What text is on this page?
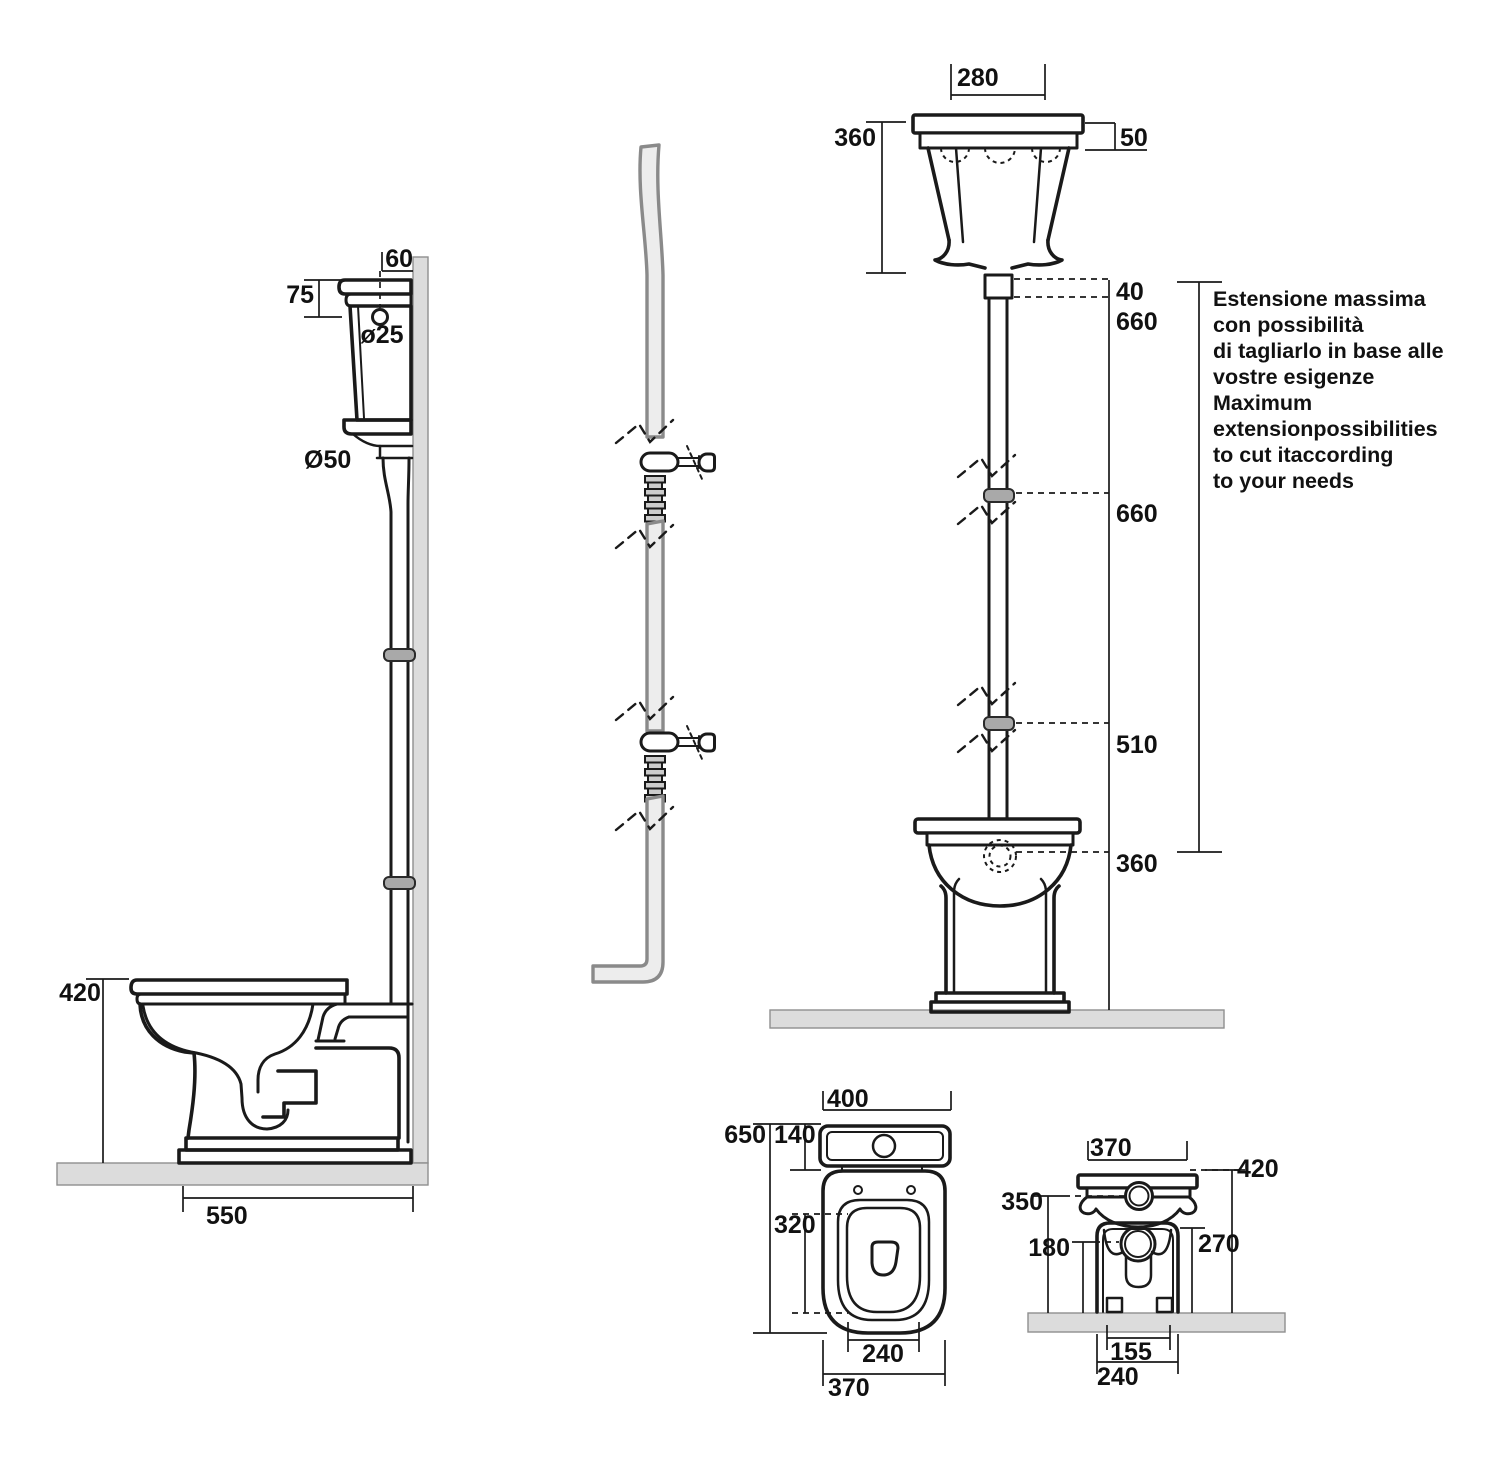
60
75
ø25
Ø50
420
550
280
360	50
40
660
660
510
360
Estensione massima
con possibilità
di tagliarlo in base alle
vostre esigenze
Maximum
extensionpossibilities
to cut itaccording
to your needs
400
650 140
320
240
370
370
420
350
270
180
155
240
